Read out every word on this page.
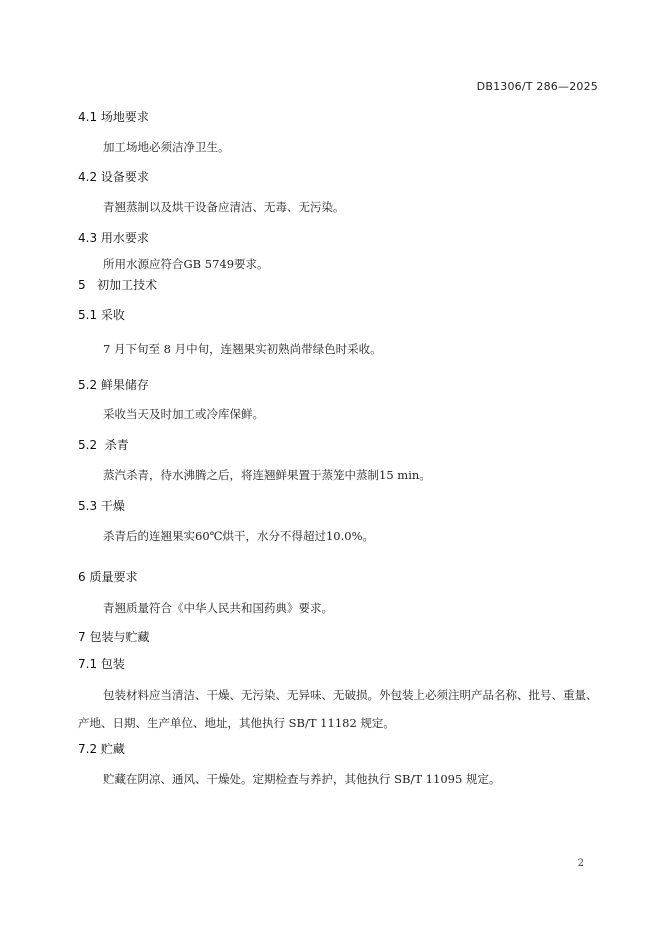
DB1306/T 286—2025
4.1 场地要求
加工场地必须洁净卫生。
4.2 设备要求
青翘蒸制以及烘干设备应清洁、无毒、无污染。
4.3 用水要求
所用水源应符合GB 5749要求。
5   初加工技术
5.1 采收
7 月下旬至 8 月中旬，连翘果实初熟尚带绿色时采收。
5.2 鲜果储存
采收当天及时加工或冷库保鲜。
5.2  杀青
蒸汽杀青，待水沸腾之后，将连翘鲜果置于蒸笼中蒸制15 min。
5.3 干燥
杀青后的连翘果实60℃烘干，水分不得超过10.0%。
6 质量要求
青翘质量符合《中华人民共和国药典》要求。
7 包装与贮藏
7.1 包装
包装材料应当清洁、干燥、无污染、无异味、无破损。外包装上必须注明产品名称、批号、重量、产地、日期、生产单位、地址，其他执行 SB/T 11182 规定。
7.2 贮藏
贮藏在阴凉、通风、干燥处。定期检查与养护，其他执行 SB/T 11095 规定。
2
